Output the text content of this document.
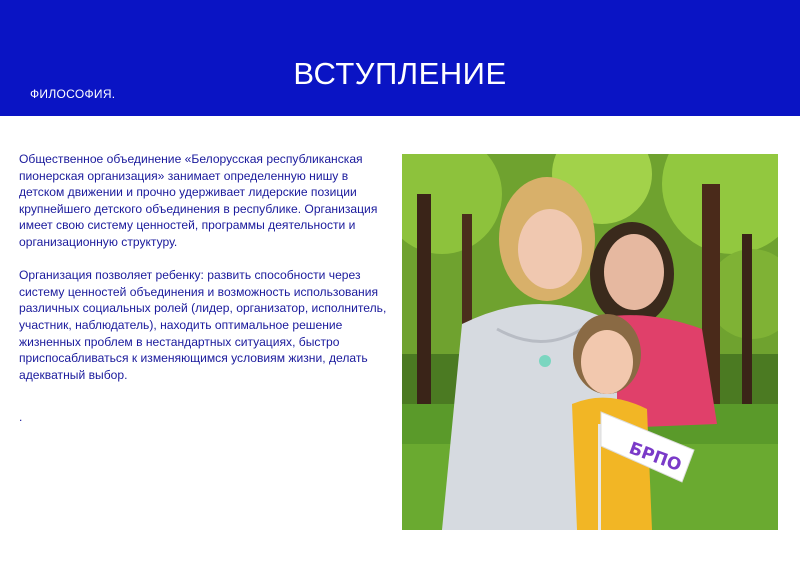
ВСТУПЛЕНИЕ
ФИЛОСОФИЯ.

Общественное объединение «Белорусская республиканская пионерская организация» занимает определенную нишу в детском движении и прочно удерживает лидерские позиции крупнейшего детского объединения в республике. Организация имеет свою систему ценностей, программы деятельности и организационную структуру.

Организация позволяет ребенку: развить способности через систему ценностей объединения и возможность использования различных социальных ролей (лидер, организатор, исполнитель, участник, наблюдатель), находить оптимальное решение жизненных проблем в нестандартных ситуациях, быстро приспосабливаться к изменяющимся условиям жизни, делать адекватный выбор.

.
БРПО
